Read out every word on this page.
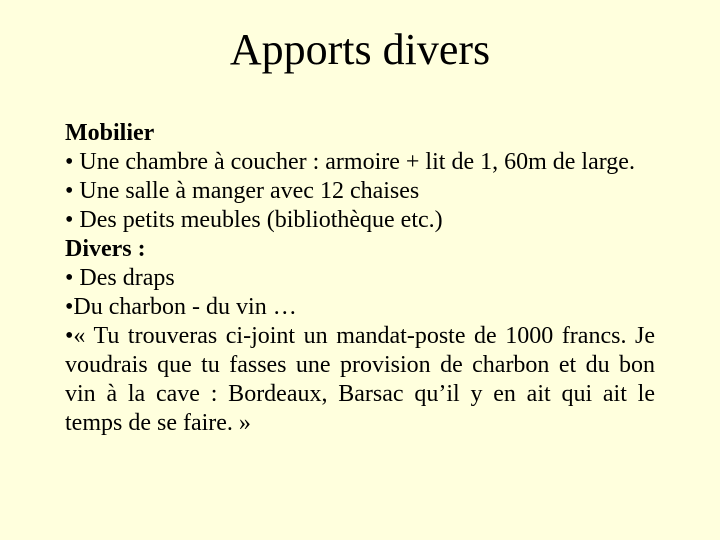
Apports divers
Mobilier
• Une chambre à coucher : armoire + lit de 1, 60m de large.
• Une salle à manger avec 12 chaises
• Des petits meubles (bibliothèque etc.)
Divers :
• Des draps
•Du charbon - du vin …
•« Tu trouveras ci-joint un mandat-poste de 1000 francs. Je
voudrais que tu fasses une provision de charbon et du bon
vin à la cave : Bordeaux, Barsac qu’il y en ait qui ait le
temps de se faire. »
